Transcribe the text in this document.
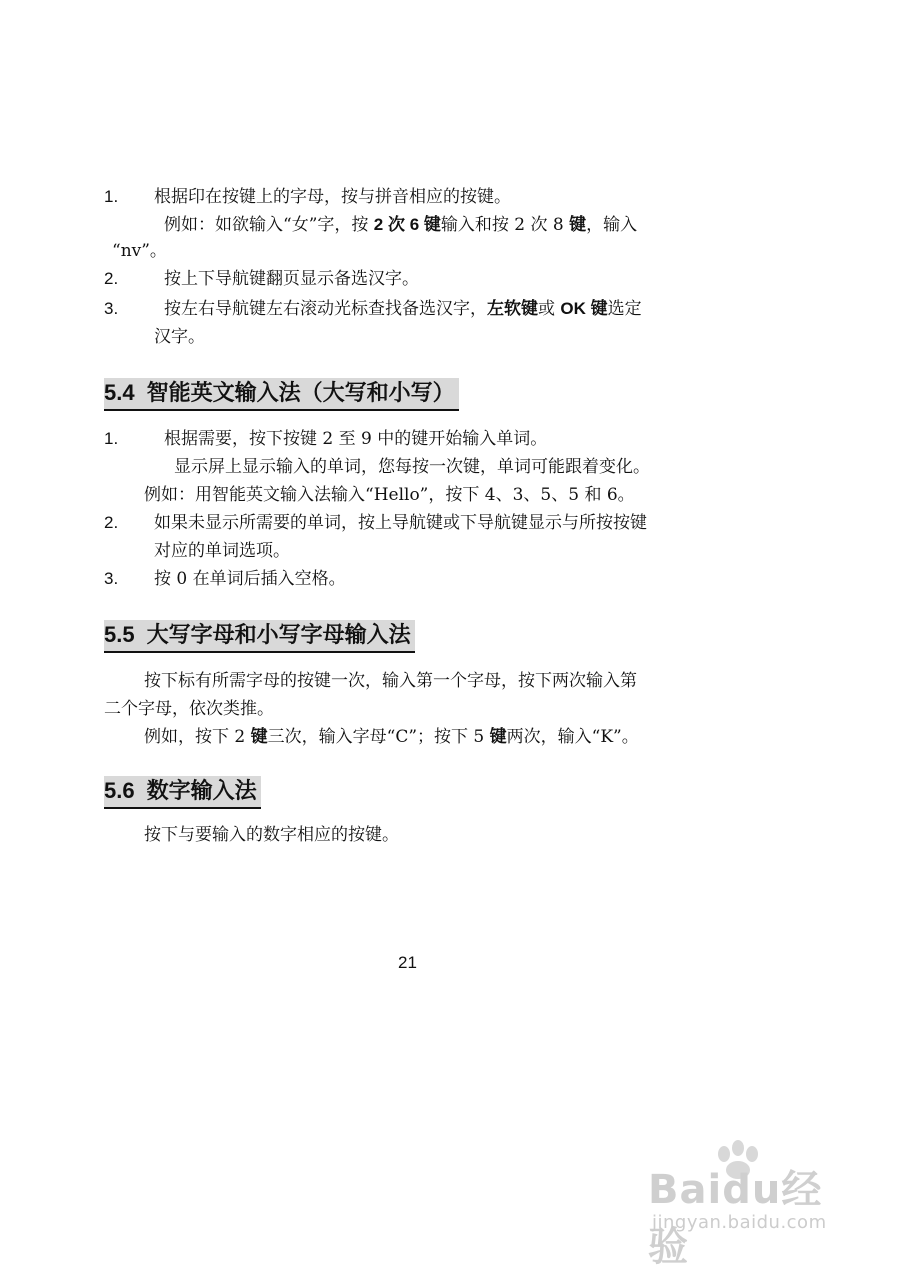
1. 根据印在按键上的字母，按与拼音相应的按键。
例如：如欲输入“女”字，按 2 次 6 键输入和按 2 次 8 键，输入
“nv”。
2.	按上下导航键翻页显示备选汉字。
3.	按左右导航键左右滚动光标查找备选汉字，左软键或 OK 键选定
汉字。
5.4 智能英文输入法（大写和小写）
1.	根据需要，按下按键 2 至 9 中的键开始输入单词。
显示屏上显示输入的单词，您每按一次键，单词可能跟着变化。
例如：用智能英文输入法输入“Hello”，按下 4、3、5、5 和 6。
2. 如果未显示所需要的单词，按上导航键或下导航键显示与所按按键
对应的单词选项。
3. 按 0 在单词后插入空格。
5.5 大写字母和小写字母输入法
按下标有所需字母的按键一次，输入第一个字母，按下两次输入第
二个字母，依次类推。
例如，按下 2 键三次，输入字母“C”；按下 5 键两次，输入“K”。
5.6 数字输入法
按下与要输入的数字相应的按键。
21
Baidu经验
jingyan.baidu.com
